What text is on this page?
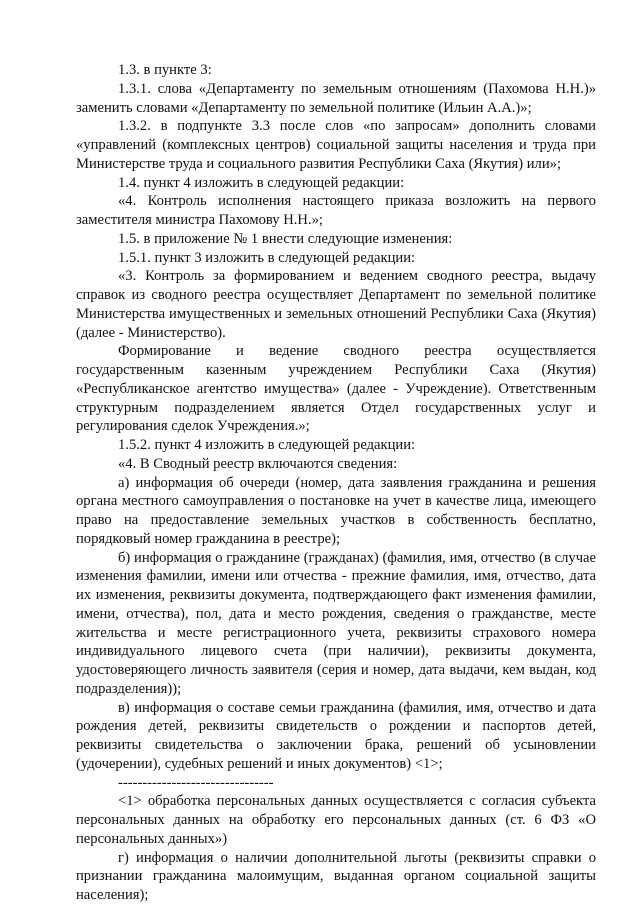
1.3. в пункте 3:

1.3.1. слова «Департаменту по земельным отношениям (Пахомова Н.Н.)» заменить словами «Департаменту по земельной политике (Ильин А.А.)»;

1.3.2. в подпункте 3.3 после слов «по запросам» дополнить словами «управлений (комплексных центров) социальной защиты населения и труда при Министерстве труда и социального развития Республики Саха (Якутия) или»;

1.4. пункт 4 изложить в следующей редакции:

«4. Контроль исполнения настоящего приказа возложить на первого заместителя министра Пахомову Н.Н.»;

1.5. в приложение № 1 внести следующие изменения:

1.5.1. пункт 3 изложить в следующей редакции:

«3. Контроль за формированием и ведением сводного реестра, выдачу справок из сводного реестра осуществляет Департамент по земельной политике Министерства имущественных и земельных отношений Республики Саха (Якутия) (далее - Министерство).

Формирование и ведение сводного реестра осуществляется государственным казенным учреждением Республики Саха (Якутия) «Республиканское агентство имущества» (далее - Учреждение). Ответственным структурным подразделением является Отдел государственных услуг и регулирования сделок Учреждения.»;

1.5.2. пункт 4 изложить в следующей редакции:

«4. В Сводный реестр включаются сведения:

а) информация об очереди (номер, дата заявления гражданина и решения органа местного самоуправления о постановке на учет в качестве лица, имеющего право на предоставление земельных участков в собственность бесплатно, порядковый номер гражданина в реестре);

б) информация о гражданине (гражданах) (фамилия, имя, отчество (в случае изменения фамилии, имени или отчества - прежние фамилия, имя, отчество, дата их изменения, реквизиты документа, подтверждающего факт изменения фамилии, имени, отчества), пол, дата и место рождения, сведения о гражданстве, месте жительства и месте регистрационного учета, реквизиты страхового номера индивидуального лицевого счета (при наличии), реквизиты документа, удостоверяющего личность заявителя (серия и номер, дата выдачи, кем выдан, код подразделения));

в) информация о составе семьи гражданина (фамилия, имя, отчество и дата рождения детей, реквизиты свидетельств о рождении и паспортов детей, реквизиты свидетельства о заключении брака, решений об усыновлении (удочерении), судебных решений и иных документов) <1>;

--------------------------------

<1> обработка персональных данных осуществляется с согласия субъекта персональных данных на обработку его персональных данных (ст. 6 ФЗ «О персональных данных»)

г) информация о наличии дополнительной льготы (реквизиты справки о признании гражданина малоимущим, выданная органом социальной защиты населения);
